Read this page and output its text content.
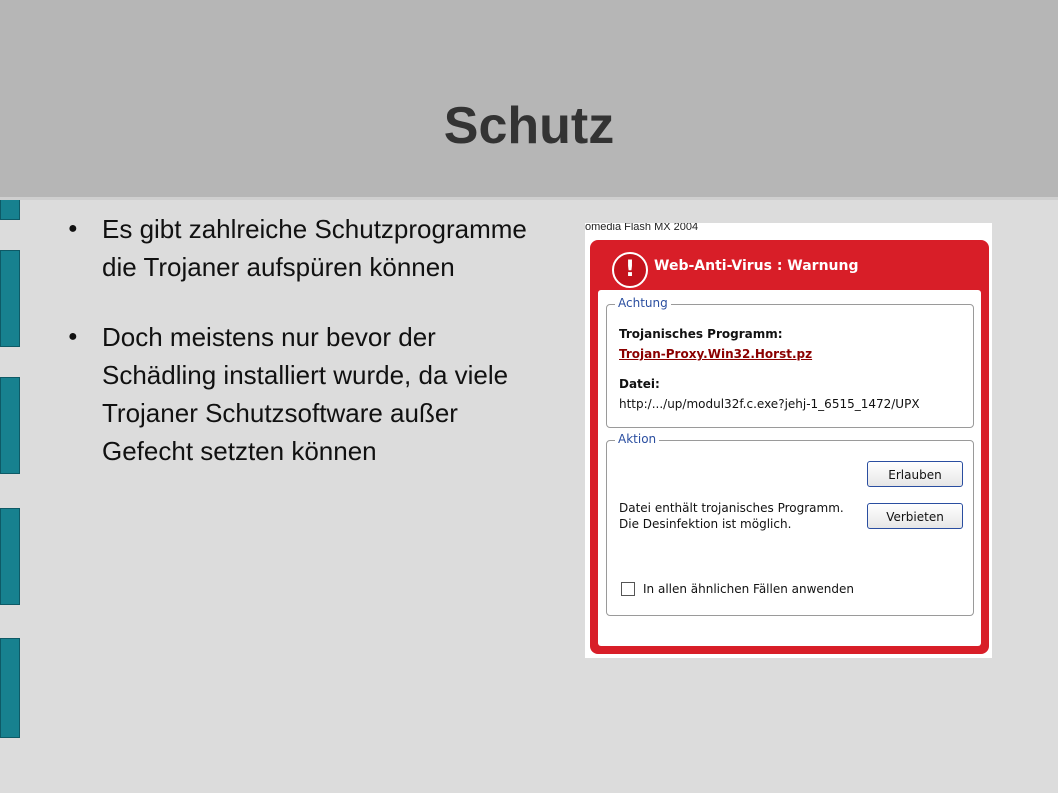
Schutz
● Es gibt zahlreiche Schutzprogramme die Trojaner aufspüren können
● Doch meistens nur bevor der Schädling installiert wurde, da viele Trojaner Schutzsoftware außer Gefecht setzten können
omedia Flash MX 2004
!	Web-Anti-Virus : Warnung
Achtung
Trojanisches Programm:
Trojan-Proxy.Win32.Horst.pz
Datei:
http:/.../up/modul32f.c.exe?jehj-1_6515_1472/UPX
Aktion
Erlauben
Datei enthält trojanisches Programm.
Die Desinfektion ist möglich.	Verbieten
In allen ähnlichen Fällen anwenden
